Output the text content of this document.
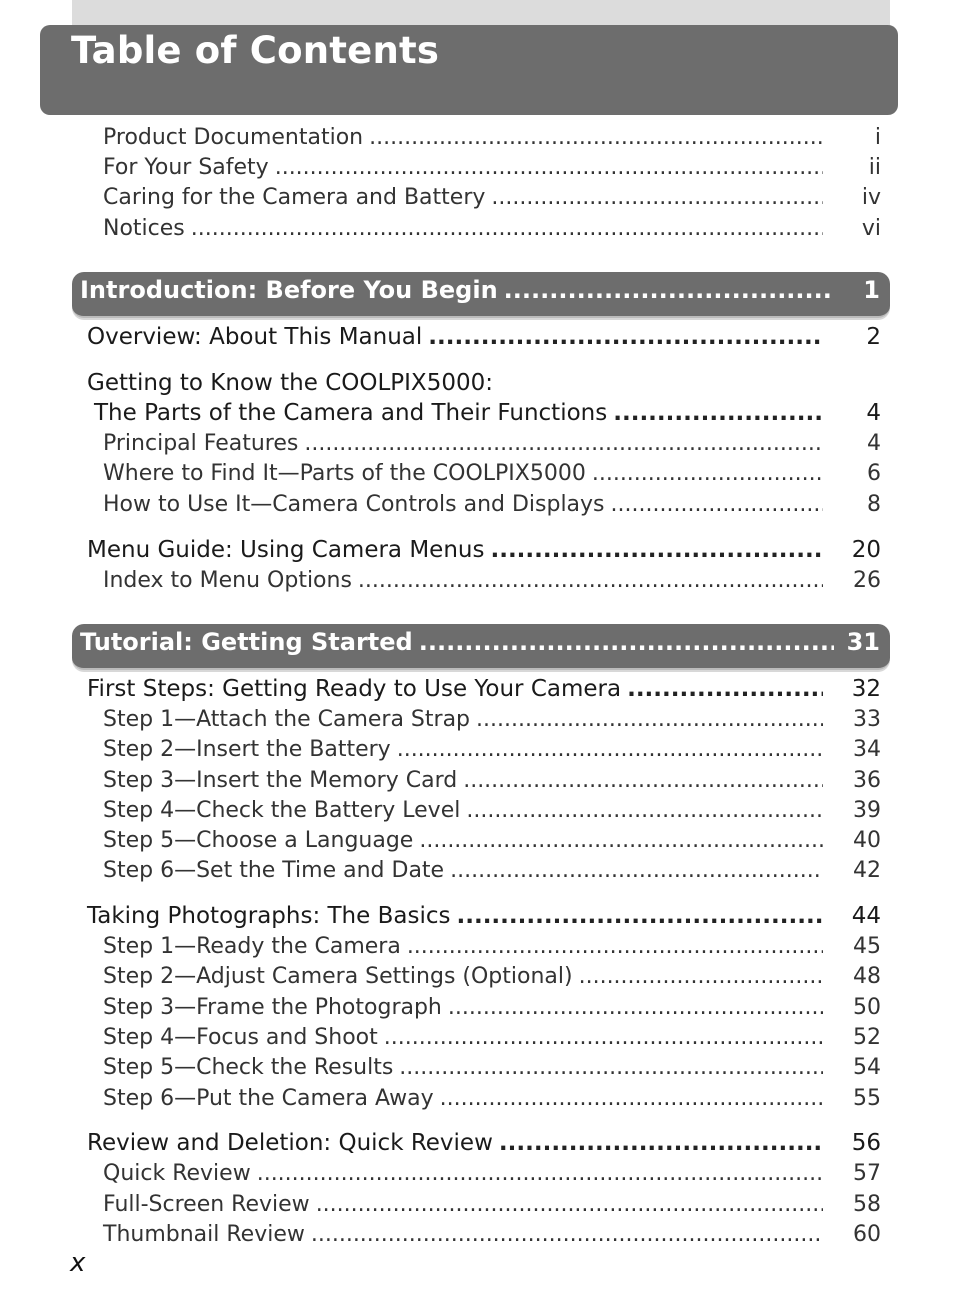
Table of Contents
Product Documentation .....	i
For Your Safety .....	ii
Caring for the Camera and Battery .....	iv
Notices .....	vi
Introduction: Before You Begin .....	1
Overview: About This Manual .....	2
Getting to Know the COOLPIX5000:
The Parts of the Camera and Their Functions .....	4
Principal Features .....	4
Where to Find It—Parts of the COOLPIX5000 .....	6
How to Use It—Camera Controls and Displays .....	8
Menu Guide: Using Camera Menus .....	20
Index to Menu Options .....	26
Tutorial: Getting Started .....	31
First Steps: Getting Ready to Use Your Camera .....	32
Step 1—Attach the Camera Strap .....	33
Step 2—Insert the Battery .....	34
Step 3—Insert the Memory Card .....	36
Step 4—Check the Battery Level .....	39
Step 5—Choose a Language .....	40
Step 6—Set the Time and Date .....	42
Taking Photographs: The Basics .....	44
Step 1—Ready the Camera .....	45
Step 2—Adjust Camera Settings (Optional) .....	48
Step 3—Frame the Photograph .....	50
Step 4—Focus and Shoot .....	52
Step 5—Check the Results .....	54
Step 6—Put the Camera Away .....	55
Review and Deletion: Quick Review .....	56
Quick Review .....	57
Full-Screen Review .....	58
Thumbnail Review .....	60
x
